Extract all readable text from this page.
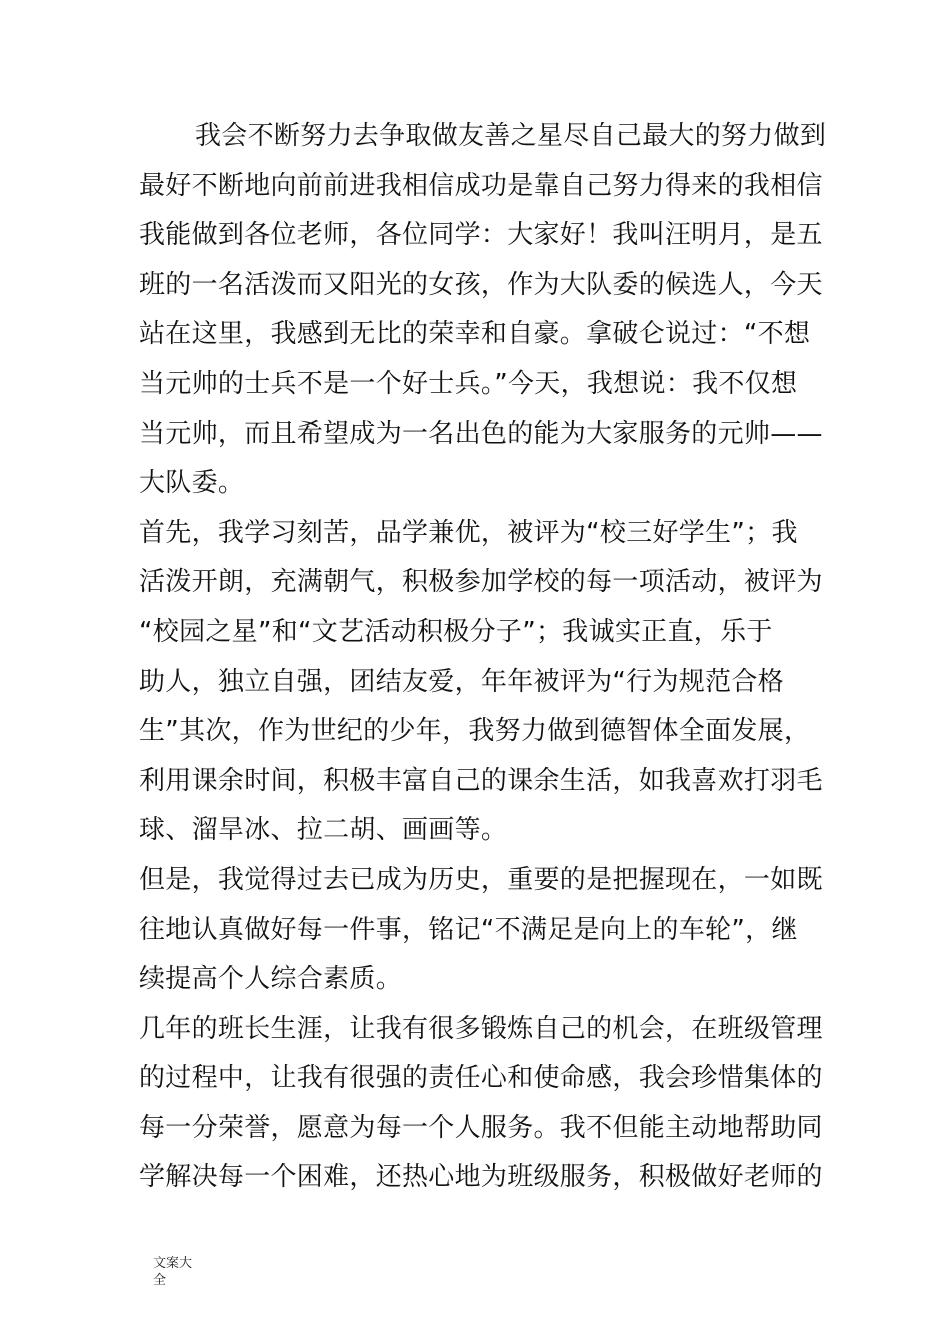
我会不断努力去争取做友善之星尽自己最大的努力做到
最好不断地向前前进我相信成功是靠自己努力得来的我相信
我能做到各位老师，各位同学：大家好！我叫汪明月，是五
班的一名活泼而又阳光的女孩，作为大队委的候选人，今天
站在这里，我感到无比的荣幸和自豪。拿破仑说过：“不想
当元帅的士兵不是一个好士兵。”今天，我想说：我不仅想
当元帅，而且希望成为一名出色的能为大家服务的元帅——
大队委。
首先，我学习刻苦，品学兼优，被评为“校三好学生”；我
活泼开朗，充满朝气，积极参加学校的每一项活动，被评为
“校园之星”和“文艺活动积极分子”；我诚实正直，乐于
助人，独立自强，团结友爱，年年被评为“行为规范合格
生”其次，作为世纪的少年，我努力做到德智体全面发展，
利用课余时间，积极丰富自己的课余生活，如我喜欢打羽毛
球、溜旱冰、拉二胡、画画等。
但是，我觉得过去已成为历史，重要的是把握现在，一如既
往地认真做好每一件事，铭记“不满足是向上的车轮”，继
续提高个人综合素质。
几年的班长生涯，让我有很多锻炼自己的机会，在班级管理
的过程中，让我有很强的责任心和使命感，我会珍惜集体的
每一分荣誉，愿意为每一个人服务。我不但能主动地帮助同
学解决每一个困难，还热心地为班级服务，积极做好老师的
文案大
全
